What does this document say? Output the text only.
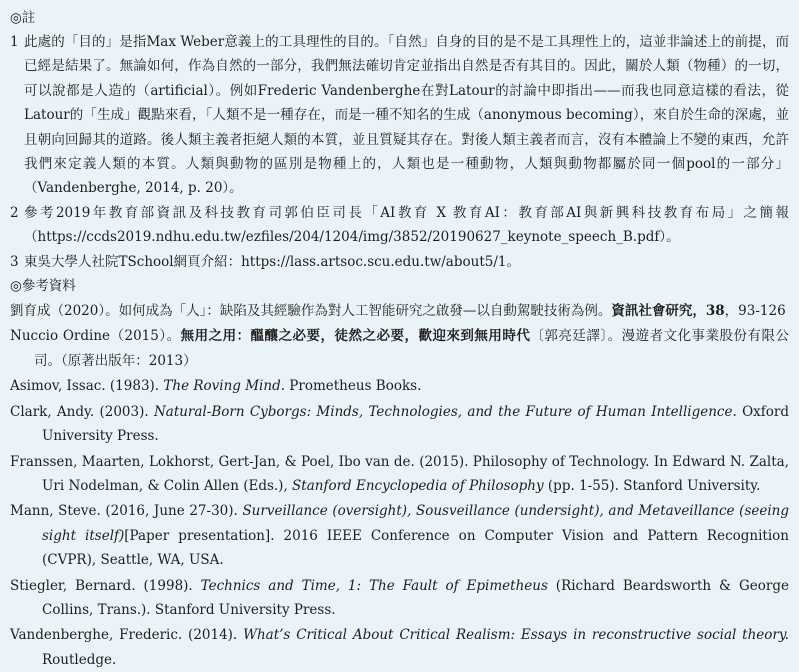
◎註
1 此處的「目的」是指Max Weber意義上的工具理性的目的。「自然」自身的目的是不是工具理性上的，這並非論述上的前提，而已經是結果了。無論如何，作為自然的一部分，我們無法確切肯定並指出自然是否有其目的。因此，關於人類（物種）的一切，可以說都是人造的（artificial）。例如Frederic Vandenberghe在對Latour的討論中即指出——而我也同意這樣的看法，從Latour的「生成」觀點來看，「人類不是一種存在，而是一種不知名的生成（anonymous becoming），來自於生命的深處，並且朝向回歸其的道路。後人類主義者拒絕人類的本質，並且質疑其存在。對後人類主義者而言，沒有本體論上不變的東西，允許我們來定義人類的本質。人類與動物的區別是物種上的，人類也是一種動物，人類與動物都屬於同一個pool的一部分」（Vandenberghe, 2014, p. 20）。
2 參考2019年教育部資訊及科技教育司郭伯臣司長「AI教育 X 教育AI：教育部AI與新興科技教育布局」之簡報（https://ccds2019.ndhu.edu.tw/ezfiles/204/1204/img/3852/20190627_keynote_speech_B.pdf）。
3 東吳大學人社院TSchool網頁介紹：https://lass.artsoc.scu.edu.tw/about5/1。
◎參考資料
劉育成（2020）。如何成為「人」：缺陷及其經驗作為對人工智能研究之啟發—以自動駕駛技術為例。資訊社會研究，38，93-126
Nuccio Ordine（2015）。無用之用：醞釀之必要，徒然之必要，歡迎來到無用時代〔郭亮廷譯〕。漫遊者文化事業股份有限公司。（原著出版年：2013）
Asimov, Issac. (1983). The Roving Mind. Prometheus Books.
Clark, Andy. (2003). Natural-Born Cyborgs: Minds, Technologies, and the Future of Human Intelligence. Oxford University Press.
Franssen, Maarten, Lokhorst, Gert-Jan, & Poel, Ibo van de. (2015). Philosophy of Technology. In Edward N. Zalta, Uri Nodelman, & Colin Allen (Eds.), Stanford Encyclopedia of Philosophy (pp. 1-55). Stanford University.
Mann, Steve. (2016, June 27-30). Surveillance (oversight), Sousveillance (undersight), and Metaveillance (seeing sight itself)[Paper presentation]. 2016 IEEE Conference on Computer Vision and Pattern Recognition (CVPR), Seattle, WA, USA.
Stiegler, Bernard. (1998). Technics and Time, 1: The Fault of Epimetheus (Richard Beardsworth & George Collins, Trans.). Stanford University Press.
Vandenberghe, Frederic. (2014). What’s Critical About Critical Realism: Essays in reconstructive social theory. Routledge.
